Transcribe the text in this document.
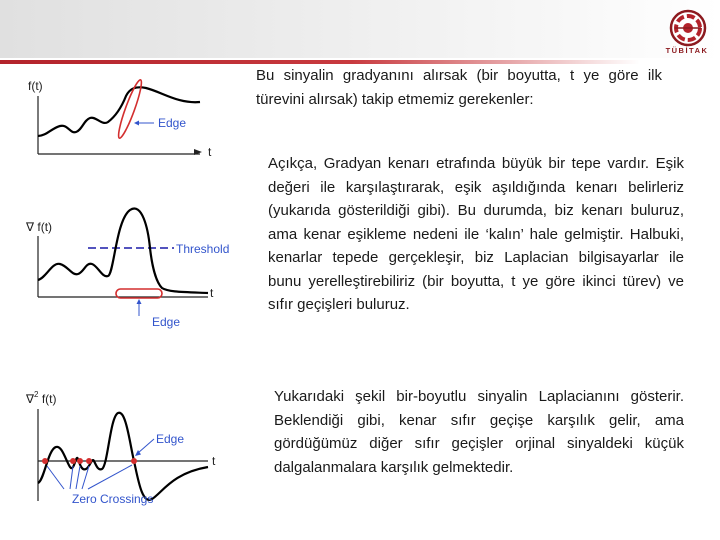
TÜBİTAK
f(t)
Edge
t
∇ f(t)
Threshold
Edge
t
∇$^2$ f(t)
Edge
Zero Crossings
t

Bu sinyalin gradyanını alırsak (bir boyutta, t ye göre ilk türevini alırsak) takip etmemiz gerekenler:

Açıkça, Gradyan kenarı etrafında büyük bir tepe vardır. Eşik değeri ile karşılaştırarak, eşik aşıldığında kenarı belirleriz (yukarıda gösterildiği gibi). Bu durumda, biz kenarı buluruz, ama kenar eşikleme nedeni ile ‘kalın’ hale gelmiştir. Halbuki, kenarlar tepede gerçekleşir, biz Laplacian bilgisayarlar ile bunu yerelleştirebiliriz (bir boyutta, t ye göre ikinci türev) ve sıfır geçişleri buluruz.

Yukarıdaki şekil bir-boyutlu sinyalin Laplacianını gösterir. Beklendiği gibi, kenar sıfır geçişe karşılık gelir, ama gördüğümüz diğer sıfır geçişler orjinal sinyaldeki küçük dalgalanmalara karşılık gelmektedir.
